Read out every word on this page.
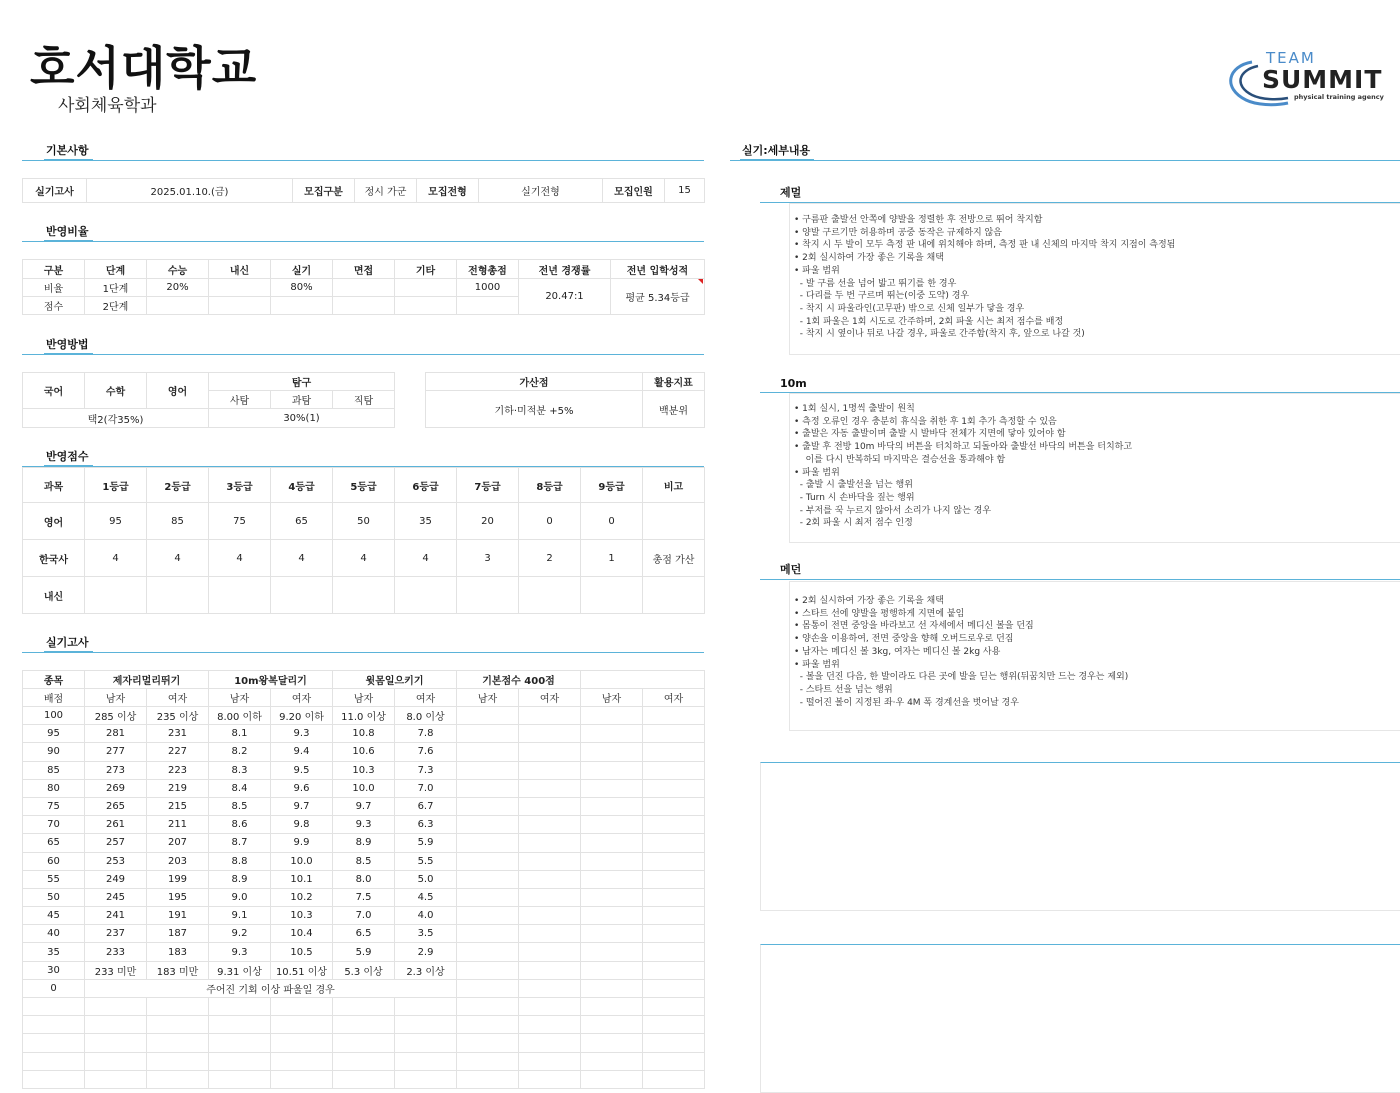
호서대학교
사회체육학과
TEAM
SUMMIT
physical training agency
기본사항
실기고사	2025.01.10.(금)	모집구분	정시 가군	모집전형	실기전형	모집인원	15
반영비율
구분	단계	수능	내신	실기	면접	기타	전형총점	전년 경쟁률	전년 입학성적
비율	1단계	20%		80%			1000	20.47:1	평균 5.34등급
점수	2단계								
반영방법
국어	수학	영어	탐구		
			사탐	과탐	직탐
택2(각35%)			30%(1)		
가산점	활용지표
기하·미적분 +5%	백분위
반영점수
과목	1등급	2등급	3등급	4등급	5등급	6등급	7등급	8등급	9등급	비고
영어	95	85	75	65	50	35	20	0	0	
한국사	4	4	4	4	4	4	3	2	1	총점 가산
내신										
실기고사
종목	제자리멀리뛰기		10m왕복달리기		윗몸일으키기		기본점수 400점			
배점	남자	여자	남자	여자	남자	여자	남자	여자	남자	여자
100	285 이상	235 이상	8.00 이하	9.20 이하	11.0 이상	8.0 이상				
95	281	231	8.1	9.3	10.8	7.8				
90	277	227	8.2	9.4	10.6	7.6				
85	273	223	8.3	9.5	10.3	7.3				
80	269	219	8.4	9.6	10.0	7.0				
75	265	215	8.5	9.7	9.7	6.7				
70	261	211	8.6	9.8	9.3	6.3				
65	257	207	8.7	9.9	8.9	5.9				
60	253	203	8.8	10.0	8.5	5.5				
55	249	199	8.9	10.1	8.0	5.0				
50	245	195	9.0	10.2	7.5	4.5				
45	241	191	9.1	10.3	7.0	4.0				
40	237	187	9.2	10.4	6.5	3.5				
35	233	183	9.3	10.5	5.9	2.9				
30	233 미만	183 미만	9.31 이상	10.51 이상	5.3 이상	2.3 이상				
0	주어진 기회 이상 파울일 경우									

실기:세부내용
제멀
• 구름판 출발선 안쪽에 양발을 정렬한 후 전방으로 뛰어 착지함
• 양발 구르기만 허용하며 공중 동작은 규제하지 않음
• 착지 시 두 발이 모두 측정 판 내에 위치해야 하며, 측정 판 내 신체의 마지막 착지 지점이 측정됨
• 2회 실시하여 가장 좋은 기록을 채택
• 파울 범위
- 발 구름 선을 넘어 밟고 뛰기를 한 경우
- 다리를 두 번 구르며 뛰는(이중 도약) 경우
- 착지 시 파울라인(고무판) 밖으로 신체 일부가 닿을 경우
- 1회 파울은 1회 시도로 간주하며, 2회 파울 시는 최저 점수를 배정
- 착지 시 옆이나 뒤로 나갈 경우, 파울로 간주함(착지 후, 앞으로 나갈 것)
10m
• 1회 실시, 1명씩 출발이 원칙
• 측정 오류인 경우 충분히 휴식을 취한 후 1회 추가 측정할 수 있음
• 출발은 자동 출발이며 출발 시 발바닥 전체가 지면에 닿아 있어야 함
• 출발 후 전방 10m 바닥의 버튼을 터치하고 되돌아와 출발선 바닥의 버튼을 터치하고
이를 다시 반복하되 마지막은 결승선을 통과해야 함
• 파울 범위
- 출발 시 출발선을 넘는 행위
- Turn 시 손바닥을 짚는 행위
- 부저를 꾹 누르지 않아서 소리가 나지 않는 경우
- 2회 파울 시 최저 점수 인정
메던
• 2회 실시하여 가장 좋은 기록을 채택
• 스타트 선에 양발을 평행하게 지면에 붙임
• 몸통이 전면 중앙을 바라보고 선 자세에서 메디신 볼을 던짐
• 양손을 이용하여, 전면 중앙을 향해 오버드로우로 던짐
• 남자는 메디신 볼 3kg, 여자는 메디신 볼 2kg 사용
• 파울 범위
- 볼을 던진 다음, 한 발이라도 다른 곳에 발을 딛는 행위(뒤꿈치만 드는 경우는 제외)
- 스타트 선을 넘는 행위
- 떨어진 볼이 지정된 좌·우 4M 폭 경계선을 벗어날 경우
